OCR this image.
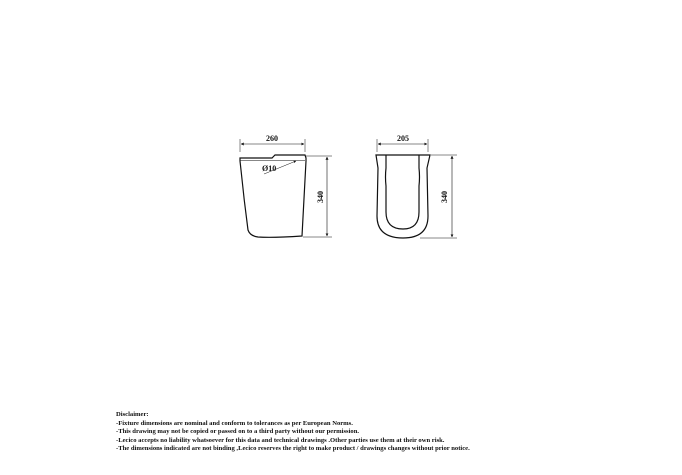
260
Ø10
340
205
340
Disclaimer:
-Fixture dimensions are nominal and conform to tolerances as per European Norms.
-This drawing may not be copied or passed on to a third party without our permission.
-Lecico accepts no liability whatsoever for this data and technical drawings .Other parties use them at their own risk.
-The dimensions indicated are not binding ,Lecico reserves the right to make product / drawings changes without prior notice.
